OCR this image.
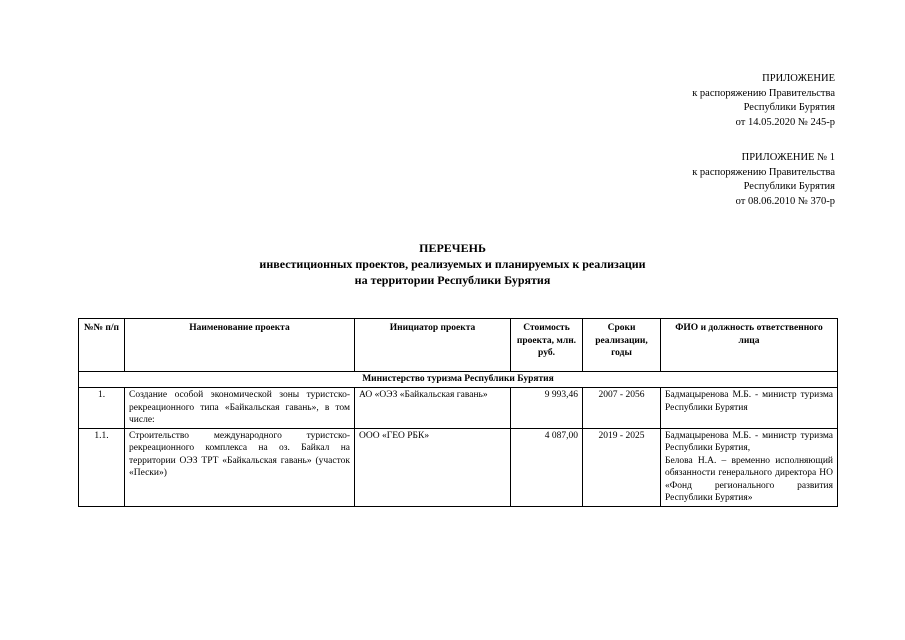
ПРИЛОЖЕНИЕ
к распоряжению Правительства
Республики Бурятия
от 14.05.2020 № 245-р
ПРИЛОЖЕНИЕ № 1
к распоряжению Правительства
Республики Бурятия
от 08.06.2010 № 370-р
ПЕРЕЧЕНЬ
инвестиционных проектов, реализуемых и планируемых к реализации
на территории Республики Бурятия
№№ п/п	Наименование проекта	Инициатор проекта	Стоимость проекта, млн. руб.	Сроки реализации, годы	ФИО и должность ответственного лица
Министерство туризма Республики Бурятия					
1.	Создание особой экономической зоны туристско-рекреационного типа «Байкальская гавань», в том числе:	АО «ОЭЗ «Байкальская гавань»	9 993,46	2007 - 2056	Бадмацыренова М.Б. - министр туризма Республики Бурятия
1.1.	Строительство международного туристско-рекреационного комплекса на оз. Байкал на территории ОЭЗ ТРТ «Байкальская гавань» (участок «Пески»)	ООО «ГЕО РБК»	4 087,00	2019 - 2025	Бадмацыренова М.Б. - министр туризма Республики Бурятия,
Белова Н.А. – временно исполняющий обязанности генерального директора НО «Фонд регионального развития Республики Бурятия»
